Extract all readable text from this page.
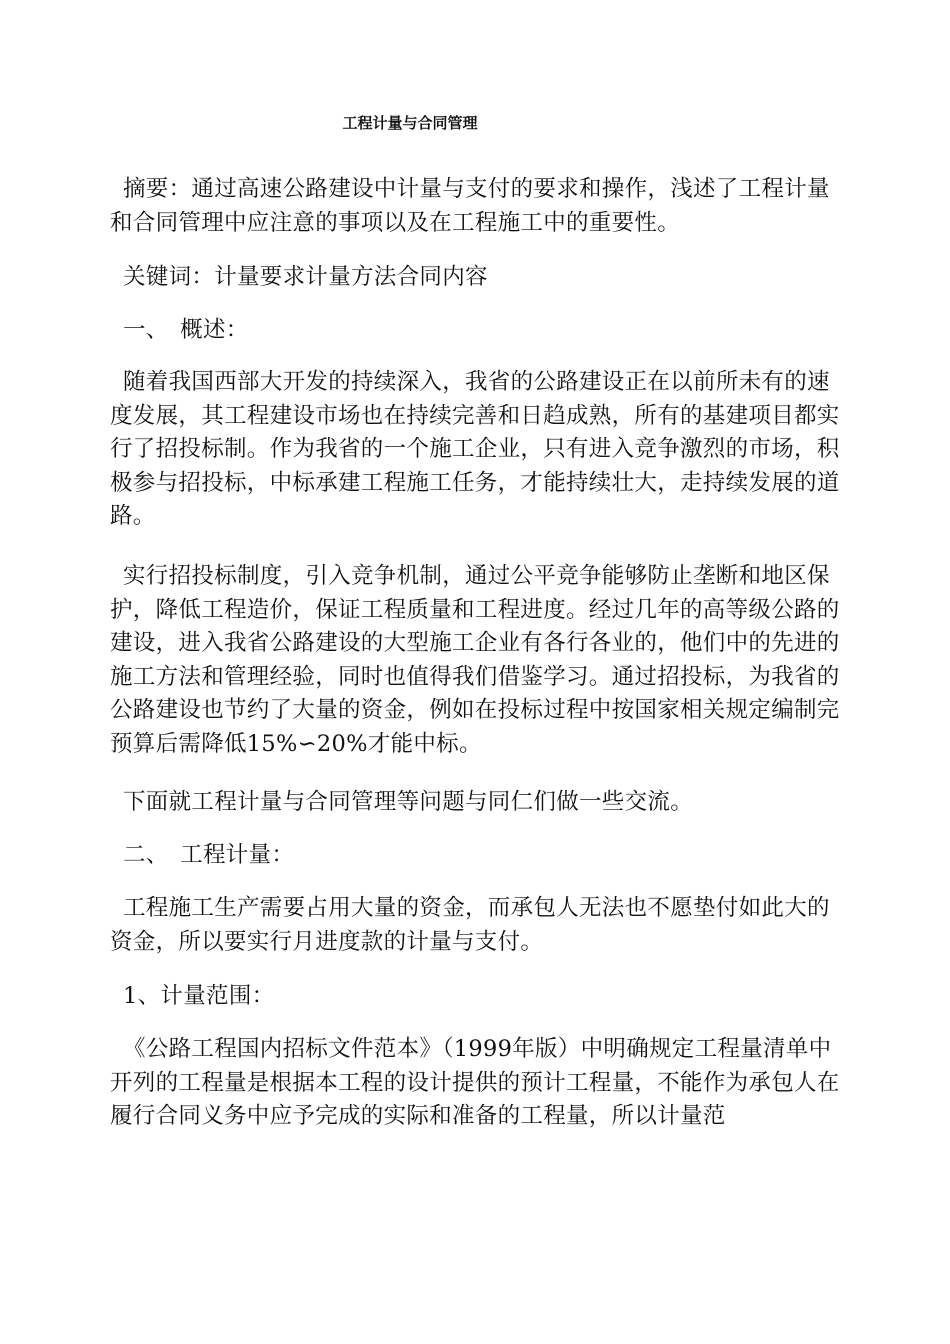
工程计量与合同管理

摘要：通过高速公路建设中计量与支付的要求和操作，浅述了工程计量和合同管理中应注意的事项以及在工程施工中的重要性。

关键词：计量要求计量方法合同内容

一、　概述：

随着我国西部大开发的持续深入，我省的公路建设正在以前所未有的速度发展，其工程建设市场也在持续完善和日趋成熟，所有的基建项目都实行了招投标制。作为我省的一个施工企业，只有进入竞争激烈的市场，积极参与招投标，中标承建工程施工任务，才能持续壮大，走持续发展的道路。

实行招投标制度，引入竞争机制，通过公平竞争能够防止垄断和地区保护，降低工程造价，保证工程质量和工程进度。经过几年的高等级公路的建设，进入我省公路建设的大型施工企业有各行各业的，他们中的先进的施工方法和管理经验，同时也值得我们借鉴学习。通过招投标，为我省的公路建设也节约了大量的资金，例如在投标过程中按国家相关规定编制完预算后需降低15%∽20%才能中标。

下面就工程计量与合同管理等问题与同仁们做一些交流。

二、　工程计量：

工程施工生产需要占用大量的资金，而承包人无法也不愿垫付如此大的资金，所以要实行月进度款的计量与支付。

1、计量范围：

《公路工程国内招标文件范本》（1999年版）中明确规定工程量清单中开列的工程量是根据本工程的设计提供的预计工程量，不能作为承包人在履行合同义务中应予完成的实际和准备的工程量，所以计量范
